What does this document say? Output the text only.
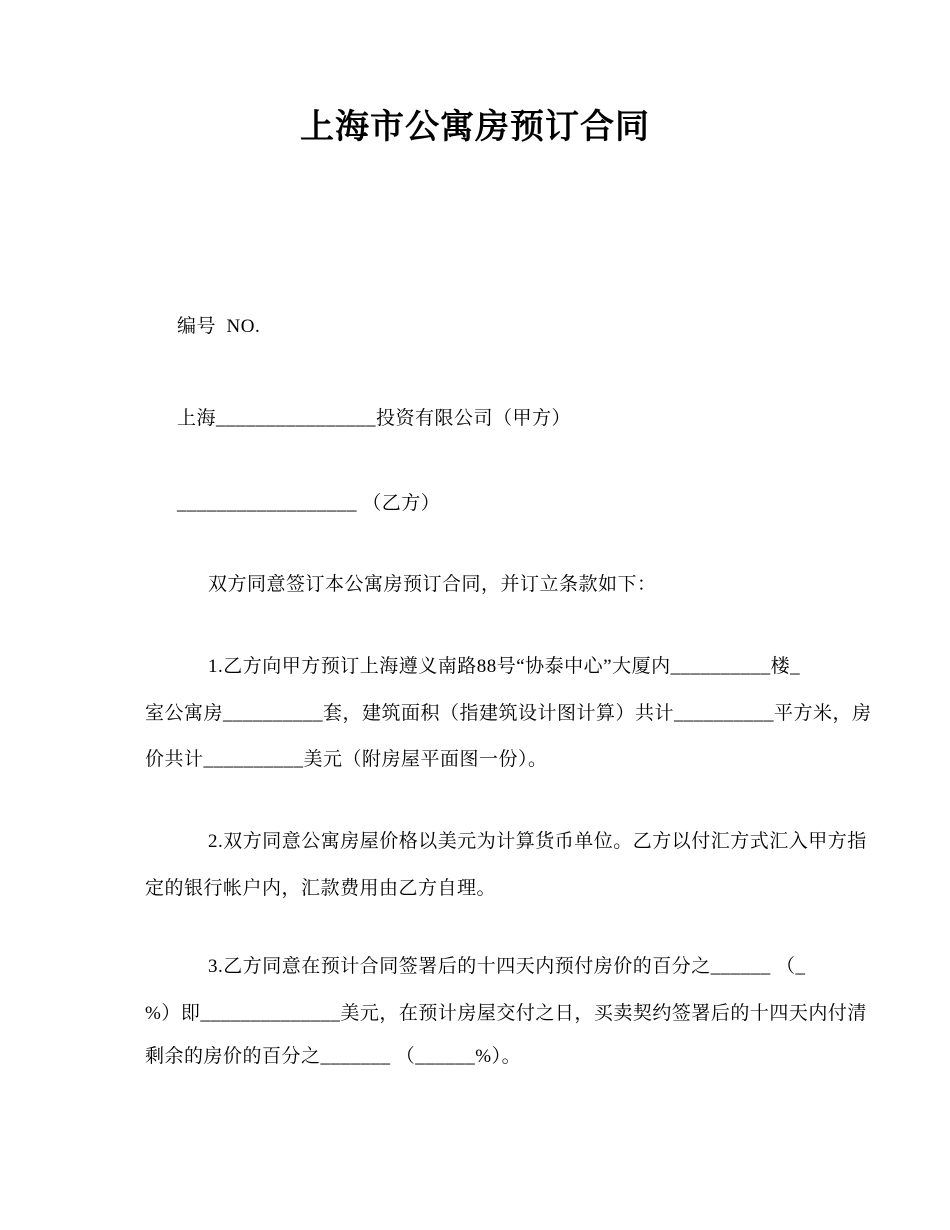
上海市公寓房预订合同
编号  NO.
上海________________投资有限公司（甲方）
__________________ （乙方）
双方同意签订本公寓房预订合同，并订立条款如下：
1.乙方向甲方预订上海遵义南路88号“协泰中心”大厦内__________楼_
室公寓房__________套，建筑面积（指建筑设计图计算）共计__________平方米，房
价共计__________美元（附房屋平面图一份）。
2.双方同意公寓房屋价格以美元为计算货币单位。乙方以付汇方式汇入甲方指
定的银行帐户内，汇款费用由乙方自理。
3.乙方同意在预计合同签署后的十四天内预付房价的百分之______ （_
%）即______________美元，在预计房屋交付之日，买卖契约签署后的十四天内付清
剩余的房价的百分之_______ （______%）。
